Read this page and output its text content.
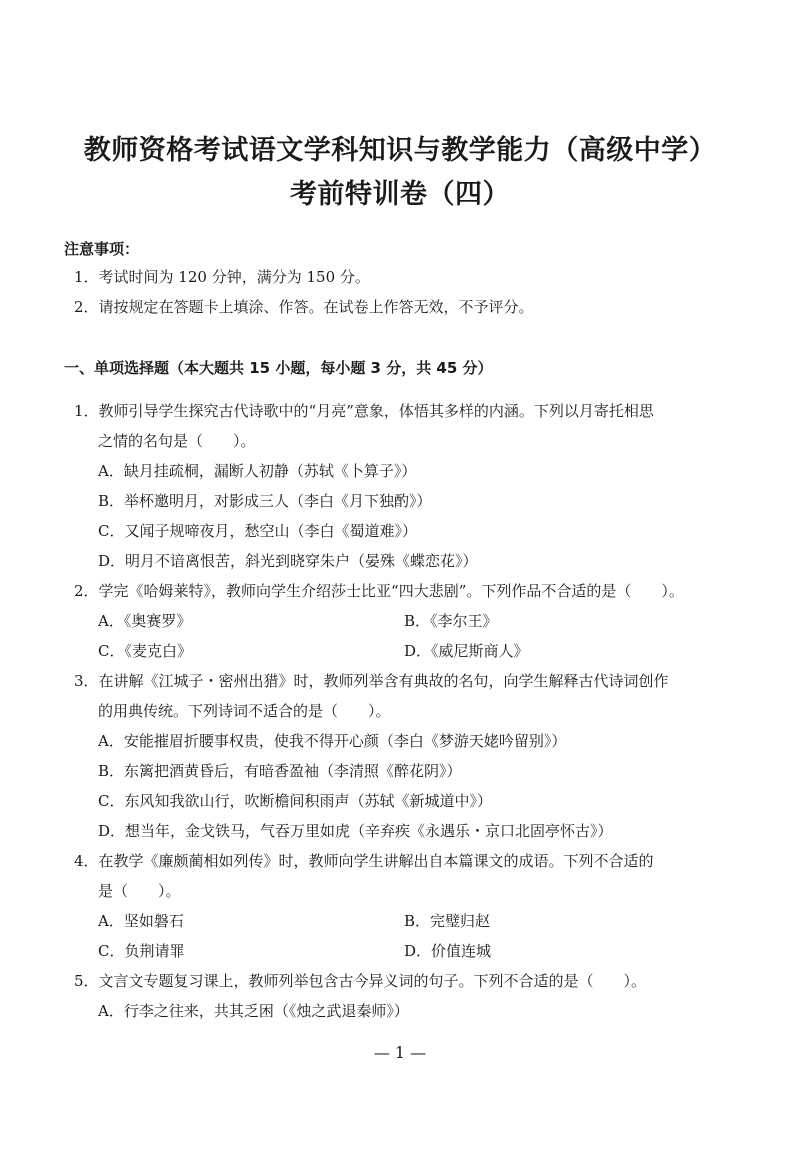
教师资格考试语文学科知识与教学能力（高级中学）
考前特训卷（四）
注意事项：
1．考试时间为 120 分钟，满分为 150 分。
2．请按规定在答题卡上填涂、作答。在试卷上作答无效，不予评分。
一、单项选择题（本大题共 15 小题，每小题 3 分，共 45 分）
1．教师引导学生探究古代诗歌中的“月亮”意象，体悟其多样的内涵。下列以月寄托相思
之情的名句是（　　）。
A．缺月挂疏桐，漏断人初静（苏轼《卜算子》）
B．举杯邀明月，对影成三人（李白《月下独酌》）
C．又闻子规啼夜月，愁空山（李白《蜀道难》）
D．明月不谙离恨苦，斜光到晓穿朱户（晏殊《蝶恋花》）
2．学完《哈姆莱特》，教师向学生介绍莎士比亚“四大悲剧”。下列作品不合适的是（　　）。
A．《奥赛罗》	B．《李尔王》
C．《麦克白》	D．《威尼斯商人》
3．在讲解《江城子・密州出猎》时，教师列举含有典故的名句，向学生解释古代诗词创作
的用典传统。下列诗词不适合的是（　　）。
A．安能摧眉折腰事权贵，使我不得开心颜（李白《梦游天姥吟留别》）
B．东篱把酒黄昏后，有暗香盈袖（李清照《醉花阴》）
C．东风知我欲山行，吹断檐间积雨声（苏轼《新城道中》）
D．想当年，金戈铁马，气吞万里如虎（辛弃疾《永遇乐・京口北固亭怀古》）
4．在教学《廉颇蔺相如列传》时，教师向学生讲解出自本篇课文的成语。下列不合适的
是（　　）。
A．坚如磐石	B．完璧归赵
C．负荆请罪	D．价值连城
5．文言文专题复习课上，教师列举包含古今异义词的句子。下列不合适的是（　　）。
A．行李之往来，共其乏困（《烛之武退秦师》）
— 1 —
